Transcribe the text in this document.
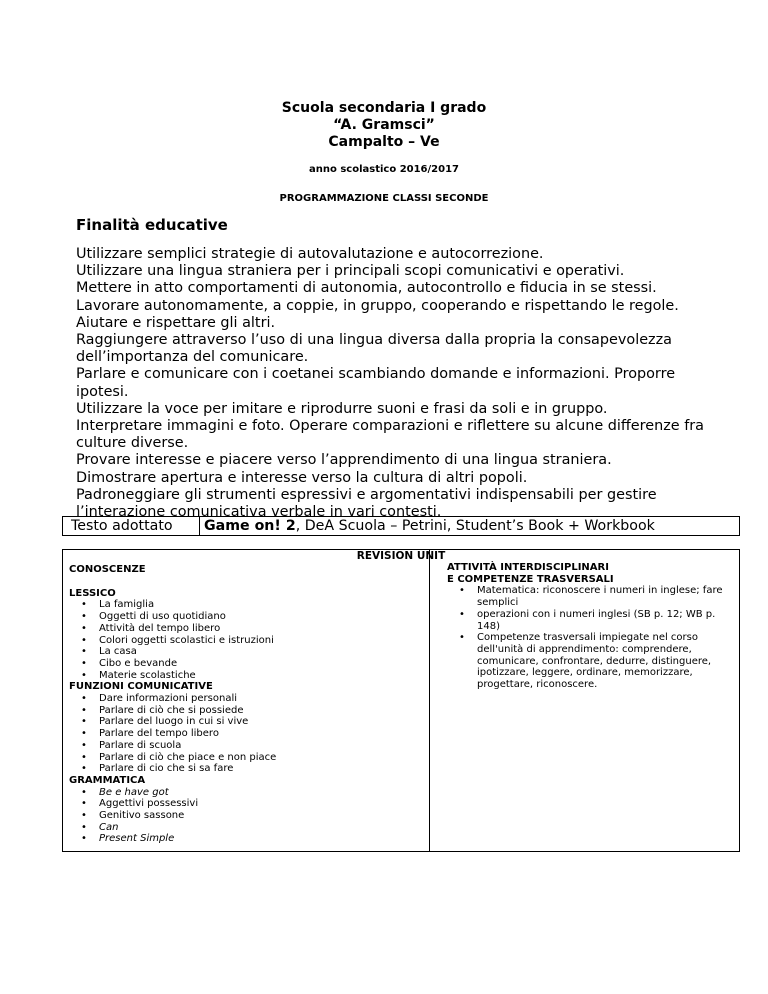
Scuola secondaria I grado
“A. Gramsci”
Campalto – Ve
anno scolastico 2016/2017
PROGRAMMAZIONE CLASSI SECONDE
Finalità educative
Utilizzare semplici strategie di autovalutazione e autocorrezione.
Utilizzare una lingua straniera per i principali scopi comunicativi e operativi.
Mettere in atto comportamenti di autonomia, autocontrollo e fiducia in se stessi.
Lavorare autonomamente, a coppie, in gruppo, cooperando e rispettando le regole.
Aiutare e rispettare gli altri.
Raggiungere attraverso l’uso di una lingua diversa dalla propria la consapevolezza dell’importanza del comunicare.
Parlare e comunicare con i coetanei scambiando domande e informazioni. Proporre ipotesi.
Utilizzare la voce per imitare e riprodurre suoni e frasi da soli e in gruppo.
Interpretare immagini e foto. Operare comparazioni e riflettere su alcune differenze fra culture diverse.
Provare interesse e piacere verso l’apprendimento di una lingua straniera.
Dimostrare apertura e interesse verso la cultura di altri popoli.
Padroneggiare gli strumenti espressivi e argomentativi indispensabili per gestire l’interazione comunicativa verbale in vari contesti.
Testo adottato Game on! 2, DeA Scuola – Petrini, Student’s Book + Workbook
REVISION UNIT
CONOSCENZE
LESSICO
• La famiglia
• Oggetti di uso quotidiano
• Attività del tempo libero
• Colori oggetti scolastici e istruzioni
• La casa
• Cibo e bevande
• Materie scolastiche
FUNZIONI COMUNICATIVE
• Dare informazioni personali
• Parlare di ciò che si possiede
• Parlare del luogo in cui si vive
• Parlare del tempo libero
• Parlare di scuola
• Parlare di ciò che piace e non piace
• Parlare di cio che si sa fare
GRAMMATICA
• Be e have got
• Aggettivi possessivi
• Genitivo sassone
• Can
• Present Simple
ATTIVITÀ INTERDISCIPLINARI
E COMPETENZE TRASVERSALI
• Matematica: riconoscere i numeri in inglese; fare semplici
• operazioni con i numeri inglesi (SB p. 12; WB p. 148)
• Competenze trasversali impiegate nel corso dell'unità di apprendimento: comprendere, comunicare, confrontare, dedurre, distinguere, ipotizzare, leggere, ordinare, memorizzare, progettare, riconoscere.
